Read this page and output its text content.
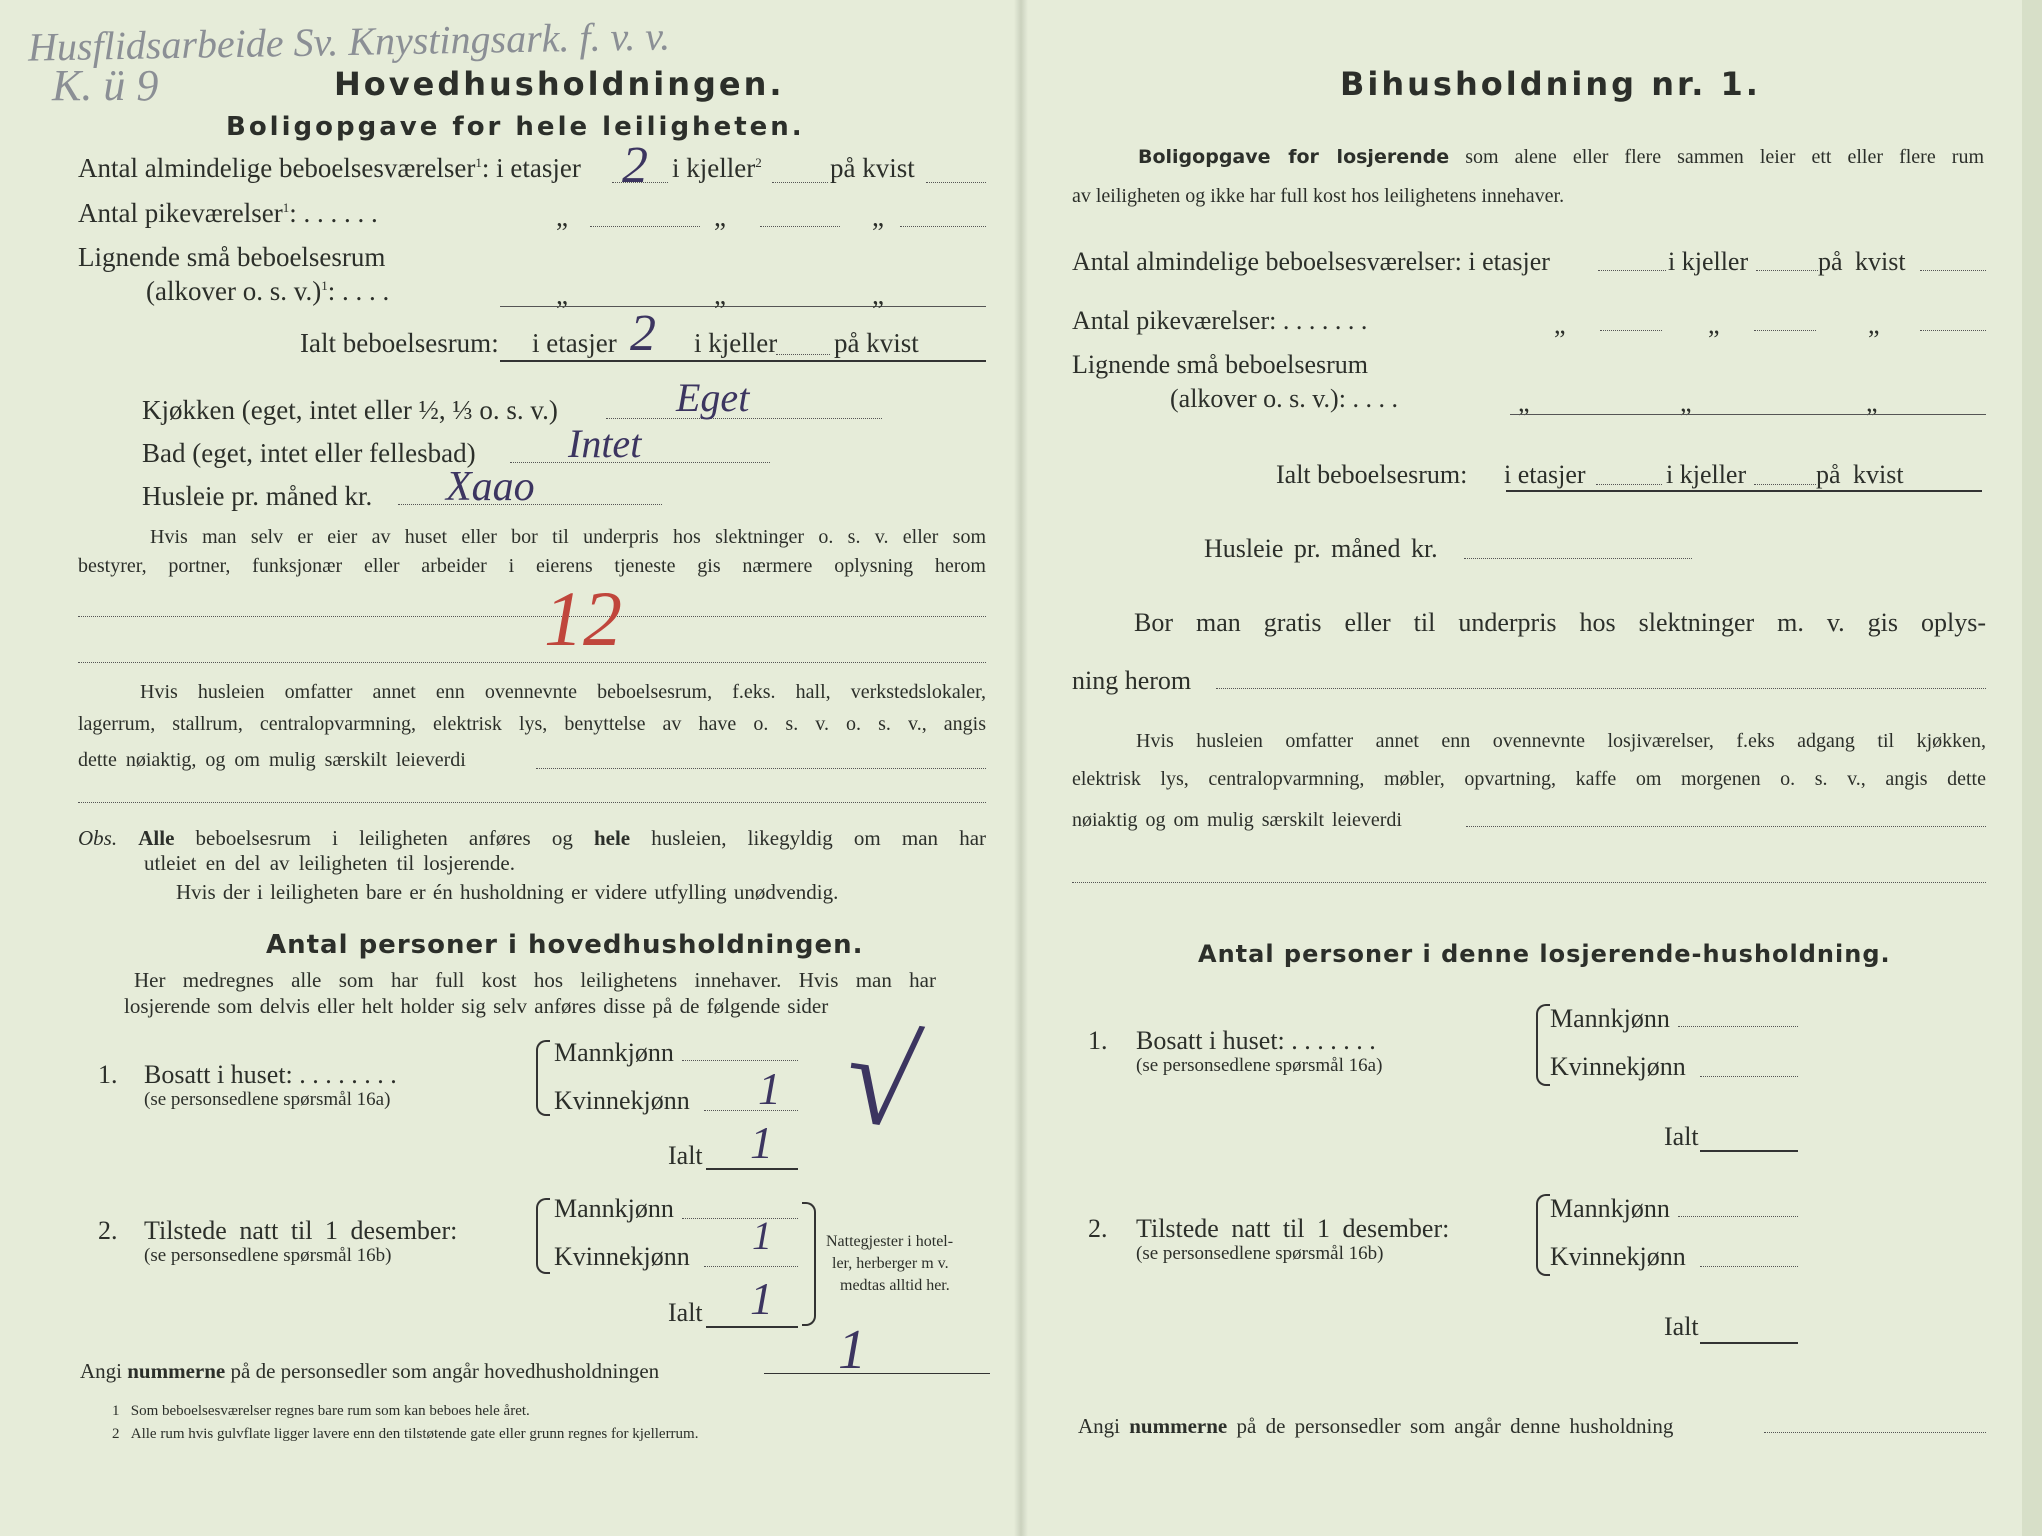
Husflidsarbeide Sv. Knystingsark. f. v. v.
K. ü 9	Hovedhusholdningen.
Boligopgave for hele leiligheten.
Antal almindelige beboelsesværelser$^1$: i etasjer 2 i kjeller$^2$	på kvist
Antal pikeværelser$^1$: . . . . . .	„	„	„
Lignende små beboelsesrum
(alkover o. s. v.)$^1$: . . . .	„	„	„
Ialt beboelsesrum: i etasjer 2 i kjeller på kvist
Kjøkken (eget, intet eller ½, ⅓ o. s. v.)	Eget
Bad (eget, intet eller fellesbad) Intet
Husleie pr. måned kr. Xaao
Hvis man selv er eier av huset eller bor til underpris hos slektninger o. s. v. eller som
bestyrer, portner, funksjonær eller arbeider i eierens tjeneste gis nærmere oplysning herom
12
Hvis husleien omfatter annet enn ovennevnte beboelsesrum, f.eks. hall, verkstedslokaler,
lagerrum, stallrum, centralopvarmning, elektrisk lys, benyttelse av have o. s. v. o. s. v., angis
dette nøiaktig, og om mulig særskilt leieverdi
Obs. Alle beboelsesrum i leiligheten anføres og hele husleien, likegyldig om man har
utleiet en del av leiligheten til losjerende.
Hvis der i leiligheten bare er én husholdning er videre utfylling unødvendig.
Antal personer i hovedhusholdningen.
Her medregnes alle som har full kost hos leilighetens innehaver. Hvis man har
losjerende som delvis eller helt holder sig selv anføres disse på de følgende sider
1. Bosatt i huset: . . . . . . . .
(se personsedlene spørsmål 16a)
Mannkjønn
Kvinnekjønn 1
Ialt 1 √
2. Tilstede natt til 1 desember:
(se personsedlene spørsmål 16b)
Mannkjønn
Kvinnekjønn 1
Ialt 1
Nattegjester i hotel-
ler, herberger m v.
medtas alltid her.
Angi nummerne på de personsedler som angår hovedhusholdningen	1
1 Som beboelsesværelser regnes bare rum som kan beboes hele året.
2 Alle rum hvis gulvflate ligger lavere enn den tilstøtende gate eller grunn regnes for kjellerrum.
Bihusholdning nr. 1.
Boligopgave for losjerende som alene eller flere sammen leier ett eller flere rum
av leiligheten og ikke har full kost hos leilighetens innehaver.
Antal almindelige beboelsesværelser: i etasjer	i kjeller	på kvist
Antal pikeværelser: . . . . . . .	„	„	„
Lignende små beboelsesrum
(alkover o. s. v.): . . . .	„	„	„
Ialt beboelsesrum: i etasjer	i kjeller	på kvist
Husleie pr. måned kr.
Bor man gratis eller til underpris hos slektninger m. v. gis oplys-
ning herom
Hvis husleien omfatter annet enn ovennevnte losjiværelser, f.eks adgang til kjøkken,
elektrisk lys, centralopvarmning, møbler, opvartning, kaffe om morgenen o. s. v., angis dette
nøiaktig og om mulig særskilt leieverdi
Antal personer i denne losjerende-husholdning.
1. Bosatt i huset: . . . . . . .
(se personsedlene spørsmål 16a)
Mannkjønn
Kvinnekjønn
Ialt
2. Tilstede natt til 1 desember:
(se personsedlene spørsmål 16b)
Mannkjønn
Kvinnekjønn
Ialt
Angi nummerne på de personsedler som angår denne husholdning
